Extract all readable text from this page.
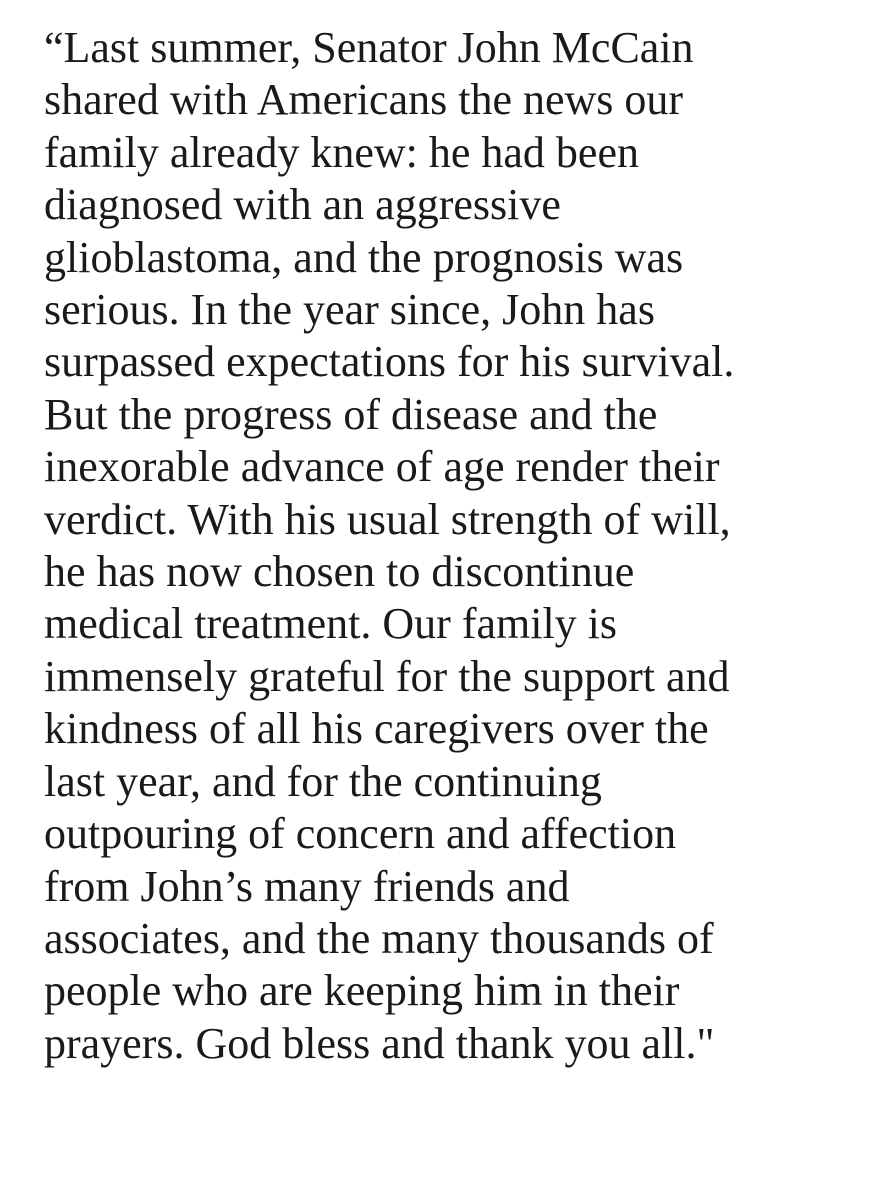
“Last summer, Senator John McCain
shared with Americans the news our
family already knew: he had been
diagnosed with an aggressive
glioblastoma, and the prognosis was
serious. In the year since, John has
surpassed expectations for his survival.
But the progress of disease and the
inexorable advance of age render their
verdict. With his usual strength of will,
he has now chosen to discontinue
medical treatment. Our family is
immensely grateful for the support and
kindness of all his caregivers over the
last year, and for the continuing
outpouring of concern and affection
from John’s many friends and
associates, and the many thousands of
people who are keeping him in their
prayers. God bless and thank you all."
